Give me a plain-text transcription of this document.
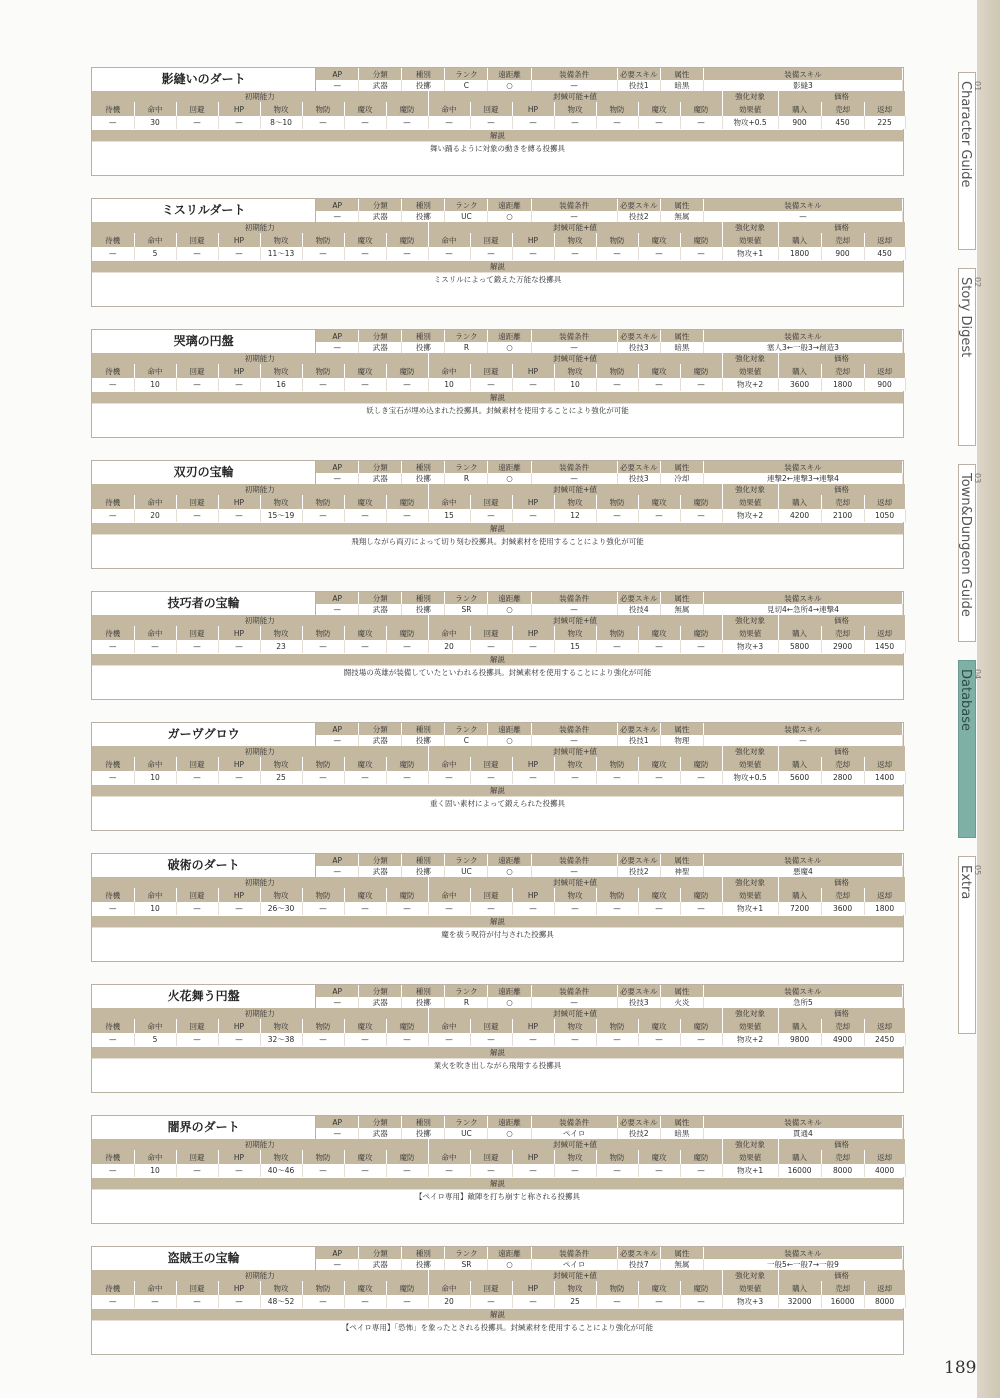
影縫いのダート	AP	分類	種別	ランク	遠距離	装備条件	必要スキル	属性	装備スキル
	—	武器	投擲	C	○	—	投技1	暗黒	影縫3
初期能力								封緘可能+値							強化対象	価格		
待機	命中	回避	HP	物攻	物防	魔攻	魔防	命中	回避	HP	物攻	物防	魔攻	魔防	効果値	購入	売却	返却
—	30	—	—	8～10	—	—	—	—	—	—	—	—	—	—	物攻+0.5	900	450	225
解説
舞い踊るように対象の動きを縛る投擲具
ミスリルダート	AP	分類	種別	ランク	遠距離	装備条件	必要スキル	属性	装備スキル
	—	武器	投擲	UC	○	—	投技2	無属	—
初期能力								封緘可能+値							強化対象	価格		
待機	命中	回避	HP	物攻	物防	魔攻	魔防	命中	回避	HP	物攻	物防	魔攻	魔防	効果値	購入	売却	返却
—	5	—	—	11～13	—	—	—	—	—	—	—	—	—	—	物攻+1	1800	900	450
解説
ミスリルによって鍛えた万能な投擲具
哭璃の円盤	AP	分類	種別	ランク	遠距離	装備条件	必要スキル	属性	装備スキル
	—	武器	投擲	R	○	—	投技3	暗黒	塞人3←一般3→創造3
初期能力								封緘可能+値							強化対象	価格		
待機	命中	回避	HP	物攻	物防	魔攻	魔防	命中	回避	HP	物攻	物防	魔攻	魔防	効果値	購入	売却	返却
—	10	—	—	16	—	—	—	10	—	—	10	—	—	—	物攻+2	3600	1800	900
解説
妖しき宝石が埋め込まれた投擲具。封緘素材を使用することにより強化が可能
双刃の宝輪	AP	分類	種別	ランク	遠距離	装備条件	必要スキル	属性	装備スキル
	—	武器	投擲	R	○	—	投技3	冷却	連撃2←連撃3→連撃4
初期能力								封緘可能+値							強化対象	価格		
待機	命中	回避	HP	物攻	物防	魔攻	魔防	命中	回避	HP	物攻	物防	魔攻	魔防	効果値	購入	売却	返却
—	20	—	—	15～19	—	—	—	15	—	—	12	—	—	—	物攻+2	4200	2100	1050
解説
飛翔しながら両刃によって切り刻む投擲具。封緘素材を使用することにより強化が可能
技巧者の宝輪	AP	分類	種別	ランク	遠距離	装備条件	必要スキル	属性	装備スキル
	—	武器	投擲	SR	○	—	投技4	無属	見切4←急所4→連撃4
初期能力								封緘可能+値							強化対象	価格		
待機	命中	回避	HP	物攻	物防	魔攻	魔防	命中	回避	HP	物攻	物防	魔攻	魔防	効果値	購入	売却	返却
—	—	—	—	23	—	—	—	20	—	—	15	—	—	—	物攻+3	5800	2900	1450
解説
闘技場の英雄が装備していたといわれる投擲具。封緘素材を使用することにより強化が可能
ガーヴグロウ	AP	分類	種別	ランク	遠距離	装備条件	必要スキル	属性	装備スキル
	—	武器	投擲	C	○	—	投技1	物理	—
初期能力								封緘可能+値							強化対象	価格		
待機	命中	回避	HP	物攻	物防	魔攻	魔防	命中	回避	HP	物攻	物防	魔攻	魔防	効果値	購入	売却	返却
—	10	—	—	25	—	—	—	—	—	—	—	—	—	—	物攻+0.5	5600	2800	1400
解説
重く固い素材によって鍛えられた投擲具
破術のダート	AP	分類	種別	ランク	遠距離	装備条件	必要スキル	属性	装備スキル
	—	武器	投擲	UC	○	—	投技2	神聖	悪魔4
初期能力								封緘可能+値							強化対象	価格		
待機	命中	回避	HP	物攻	物防	魔攻	魔防	命中	回避	HP	物攻	物防	魔攻	魔防	効果値	購入	売却	返却
—	10	—	—	26～30	—	—	—	—	—	—	—	—	—	—	物攻+1	7200	3600	1800
解説
魔を祓う呪符が付与された投擲具
火花舞う円盤	AP	分類	種別	ランク	遠距離	装備条件	必要スキル	属性	装備スキル
	—	武器	投擲	R	○	—	投技3	火炎	急所5
初期能力								封緘可能+値							強化対象	価格		
待機	命中	回避	HP	物攻	物防	魔攻	魔防	命中	回避	HP	物攻	物防	魔攻	魔防	効果値	購入	売却	返却
—	5	—	—	32～38	—	—	—	—	—	—	—	—	—	—	物攻+2	9800	4900	2450
解説
業火を吹き出しながら飛翔する投擲具
闇界のダート	AP	分類	種別	ランク	遠距離	装備条件	必要スキル	属性	装備スキル
	—	武器	投擲	UC	○	ペイロ	投技2	暗黒	貫通4
初期能力								封緘可能+値							強化対象	価格		
待機	命中	回避	HP	物攻	物防	魔攻	魔防	命中	回避	HP	物攻	物防	魔攻	魔防	効果値	購入	売却	返却
—	10	—	—	40～46	—	—	—	—	—	—	—	—	—	—	物攻+1	16000	8000	4000
解説
【ペイロ専用】敵陣を打ち崩すと称される投擲具
盗賊王の宝輪	AP	分類	種別	ランク	遠距離	装備条件	必要スキル	属性	装備スキル
	—	武器	投擲	SR	○	ペイロ	投技7	無属	一般5←一般7→一般9
初期能力								封緘可能+値							強化対象	価格		
待機	命中	回避	HP	物攻	物防	魔攻	魔防	命中	回避	HP	物攻	物防	魔攻	魔防	効果値	購入	売却	返却
—	—	—	—	48～52	—	—	—	20	—	—	25	—	—	—	物攻+3	32000	16000	8000
解説
【ペイロ専用】「恐怖」を象ったとされる投擲具。封緘素材を使用することにより強化が可能
01
Character Guide
02
Story Digest
03
Town&Dungeon Guide
04
Database
05
Extra
189
